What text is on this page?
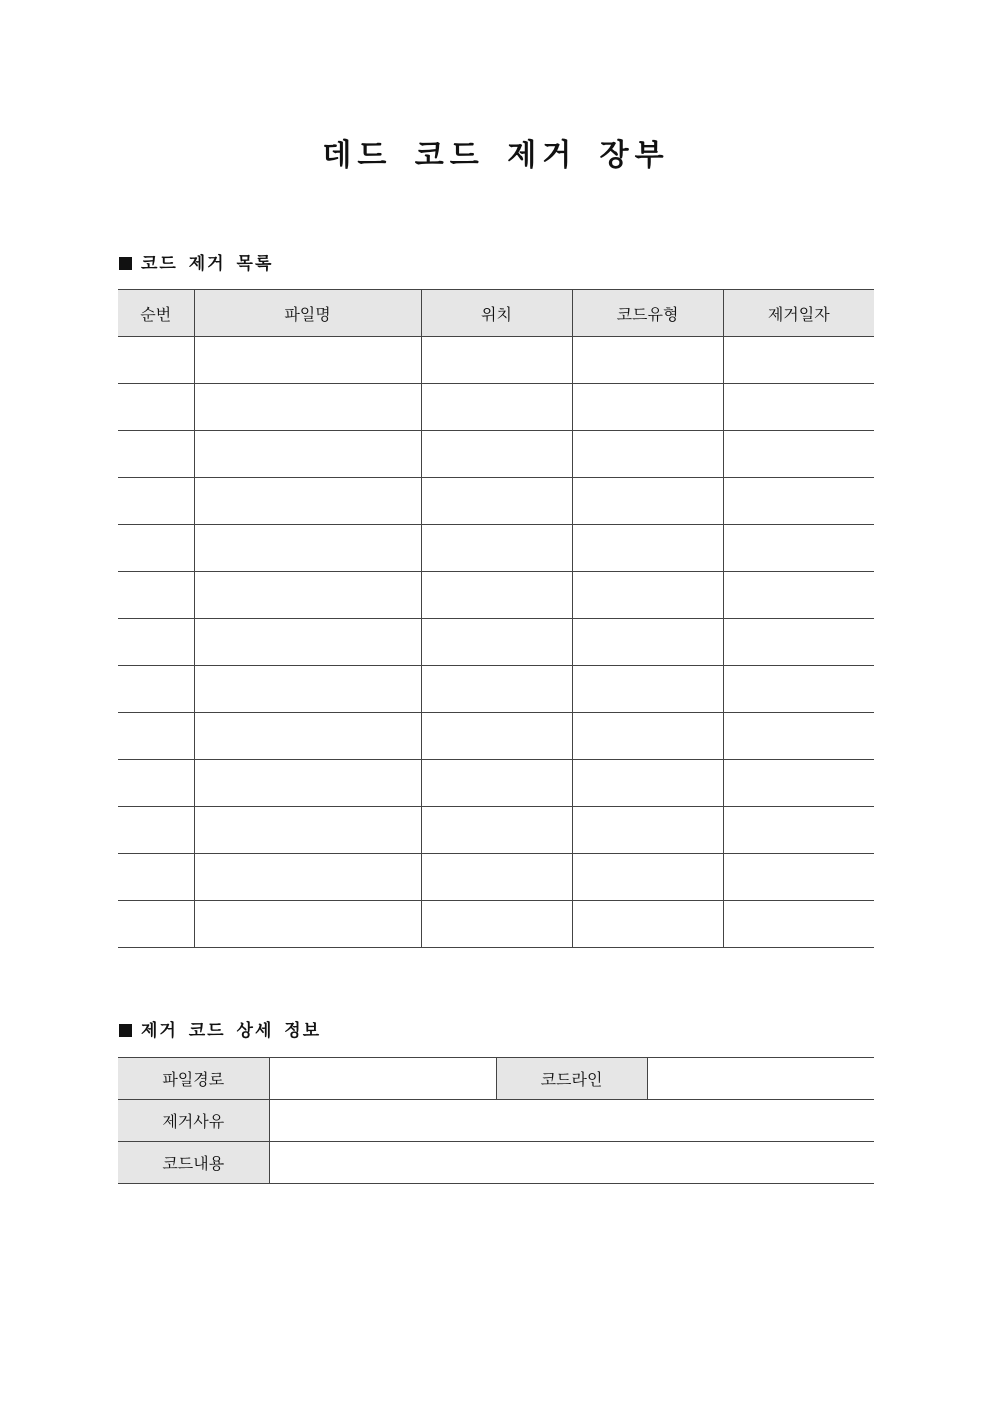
데드 코드 제거 장부
코드 제거 목록
순번	파일명	위치	코드유형	제거일자

제거 코드 상세 정보
파일경로		코드라인	
제거사유			
코드내용			
